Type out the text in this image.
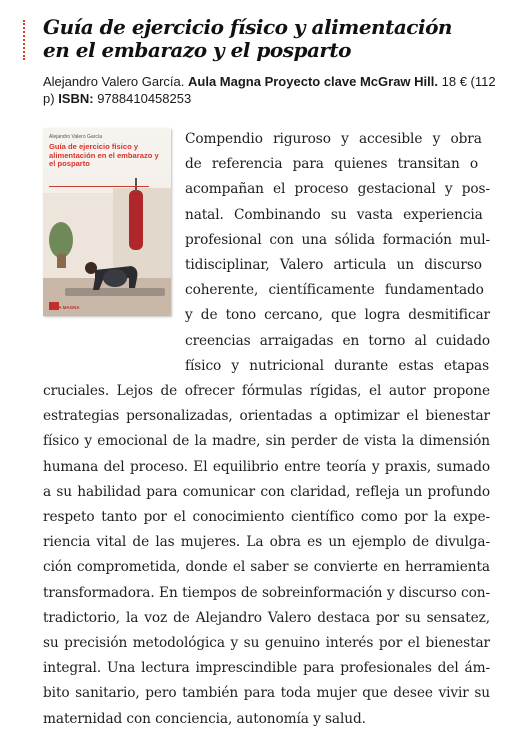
Guía de ejercicio físico y alimentación
en el embarazo y el posparto
Alejandro Valero García. Aula Magna Proyecto clave McGraw Hill. 18 € (112 p) ISBN: 9788410458253
Alejandro Valero García
Guía de ejercicio físico y alimentación en el embarazo y el posparto
AULA MAGNA
Compendio riguroso y accesible y obra
de referencia para quienes transitan o
acompañan el proceso gestacional y pos-
natal. Combinando su vasta experiencia
profesional con una sólida formación mul-
tidisciplinar, Valero articula un discurso
coherente, científicamente fundamentado
y de tono cercano, que logra desmitificar
creencias arraigadas en torno al cuidado
físico y nutricional durante estas etapas
cruciales. Lejos de ofrecer fórmulas rígidas, el autor propone
estrategias personalizadas, orientadas a optimizar el bienestar
físico y emocional de la madre, sin perder de vista la dimensión
humana del proceso. El equilibrio entre teoría y praxis, sumado
a su habilidad para comunicar con claridad, refleja un profundo
respeto tanto por el conocimiento científico como por la expe-
riencia vital de las mujeres. La obra es un ejemplo de divulga-
ción comprometida, donde el saber se convierte en herramienta
transformadora. En tiempos de sobreinformación y discurso con-
tradictorio, la voz de Alejandro Valero destaca por su sensatez,
su precisión metodológica y su genuino interés por el bienestar
integral. Una lectura imprescindible para profesionales del ám-
bito sanitario, pero también para toda mujer que desee vivir su
maternidad con conciencia, autonomía y salud.
